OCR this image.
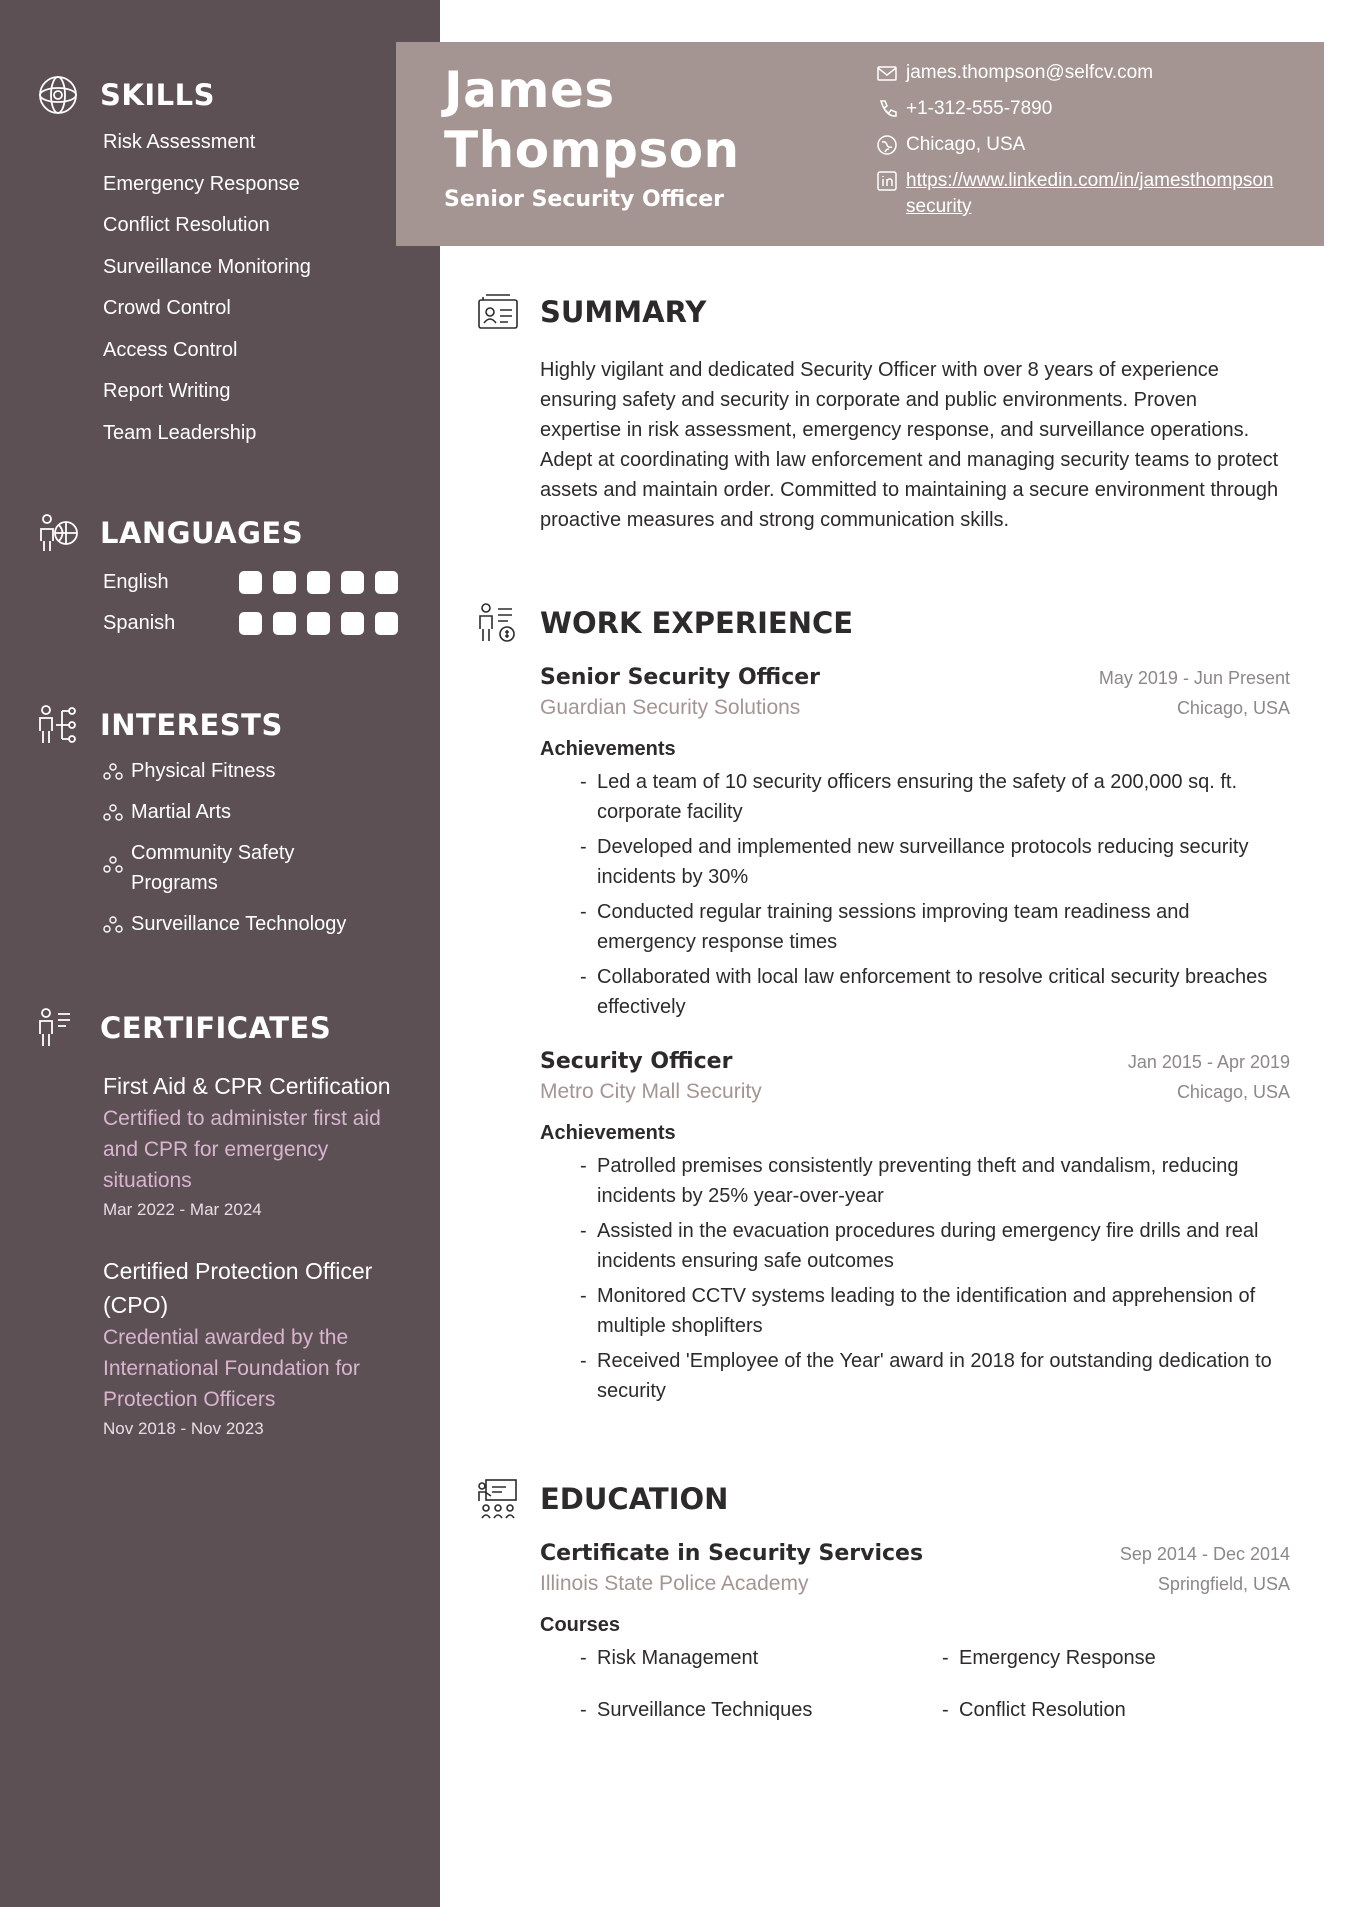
SKILLS
Risk Assessment
Emergency Response
Conflict Resolution
Surveillance Monitoring
Crowd Control
Access Control
Report Writing
Team Leadership
LANGUAGES
English
Spanish
INTERESTS
Physical Fitness
Martial Arts
Community Safety Programs
Surveillance Technology
CERTIFICATES
First Aid & CPR Certification
Certified to administer first aid and CPR for emergency situations
Mar 2022 - Mar 2024
Certified Protection Officer (CPO)
Credential awarded by the International Foundation for Protection Officers
Nov 2018 - Nov 2023
James
Thompson
Senior Security Officer
james.thompson@selfcv.com
+1-312-555-7890
Chicago, USA
https://www.linkedin.com/in/jamesthompsonsecurity
SUMMARY
Highly vigilant and dedicated Security Officer with over 8 years of experience ensuring safety and security in corporate and public environments. Proven expertise in risk assessment, emergency response, and surveillance operations. Adept at coordinating with law enforcement and managing security teams to protect assets and maintain order. Committed to maintaining a secure environment through proactive measures and strong communication skills.
WORK EXPERIENCE
Senior Security Officer	May 2019 - Jun Present
Guardian Security Solutions	Chicago, USA
Achievements
- Led a team of 10 security officers ensuring the safety of a 200,000 sq. ft. corporate facility
- Developed and implemented new surveillance protocols reducing security incidents by 30%
- Conducted regular training sessions improving team readiness and emergency response times
- Collaborated with local law enforcement to resolve critical security breaches effectively
Security Officer	Jan 2015 - Apr 2019
Metro City Mall Security	Chicago, USA
Achievements
- Patrolled premises consistently preventing theft and vandalism, reducing incidents by 25% year-over-year
- Assisted in the evacuation procedures during emergency fire drills and real incidents ensuring safe outcomes
- Monitored CCTV systems leading to the identification and apprehension of multiple shoplifters
- Received 'Employee of the Year' award in 2018 for outstanding dedication to security
EDUCATION
Certificate in Security Services	Sep 2014 - Dec 2014
Illinois State Police Academy	Springfield, USA
Courses
- Risk Management	- Emergency Response
- Surveillance Techniques	- Conflict Resolution
